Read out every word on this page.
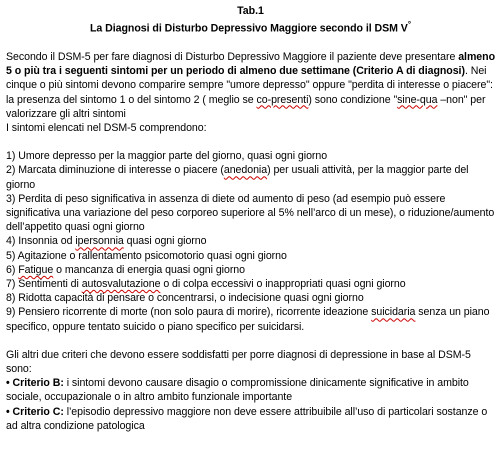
Tab.1
La Diagnosi di Disturbo Depressivo Maggiore secondo il DSM V°

Secondo il DSM-5 per fare diagnosi di Disturbo Depressivo Maggiore il paziente deve presentare almeno 5 o più tra i seguenti sintomi per un periodo di almeno due settimane (Criterio A di diagnosi). Nei cinque o più sintomi devono comparire sempre "umore depresso" oppure "perdita di interesse o piacere": la presenza del sintomo 1 o del sintomo 2 ( meglio se co-presenti) sono condizione "sine-qua –non" per valorizzare gli altri sintomi

I sintomi elencati nel DSM-5 comprendono:

1) Umore depresso per la maggior parte del giorno, quasi ogni giorno

2) Marcata diminuzione di interesse o piacere (anedonia) per usuali attività, per la maggior parte del giorno

3) Perdita di peso significativa in assenza di diete od aumento di peso (ad esempio può essere significativa una variazione del peso corporeo superiore al 5% nell’arco di un mese), o riduzione/aumento dell’appetito quasi ogni giorno

4) Insonnia od ipersonnia quasi ogni giorno

5) Agitazione o rallentamento psicomotorio quasi ogni giorno

6) Fatigue o mancanza di energia quasi ogni giorno

7) Sentimenti di autosvalutazione o di colpa eccessivi o inappropriati quasi ogni giorno

8) Ridotta capacità di pensare o concentrarsi, o indecisione quasi ogni giorno

9) Pensiero ricorrente di morte (non solo paura di morire), ricorrente ideazione suicidaria senza un piano specifico, oppure tentato suicido o piano specifico per suicidarsi.

Gli altri due criteri che devono essere soddisfatti per porre diagnosi di depressione in base al DSM-5 sono:

• Criterio B: i sintomi devono causare disagio o compromissione dinicamente significative in ambito sociale, occupazionale o in altro ambito funzionale importante

• Criterio C: l’episodio depressivo maggiore non deve essere attribuibile all’uso di particolari sostanze o ad altra condizione patologica
